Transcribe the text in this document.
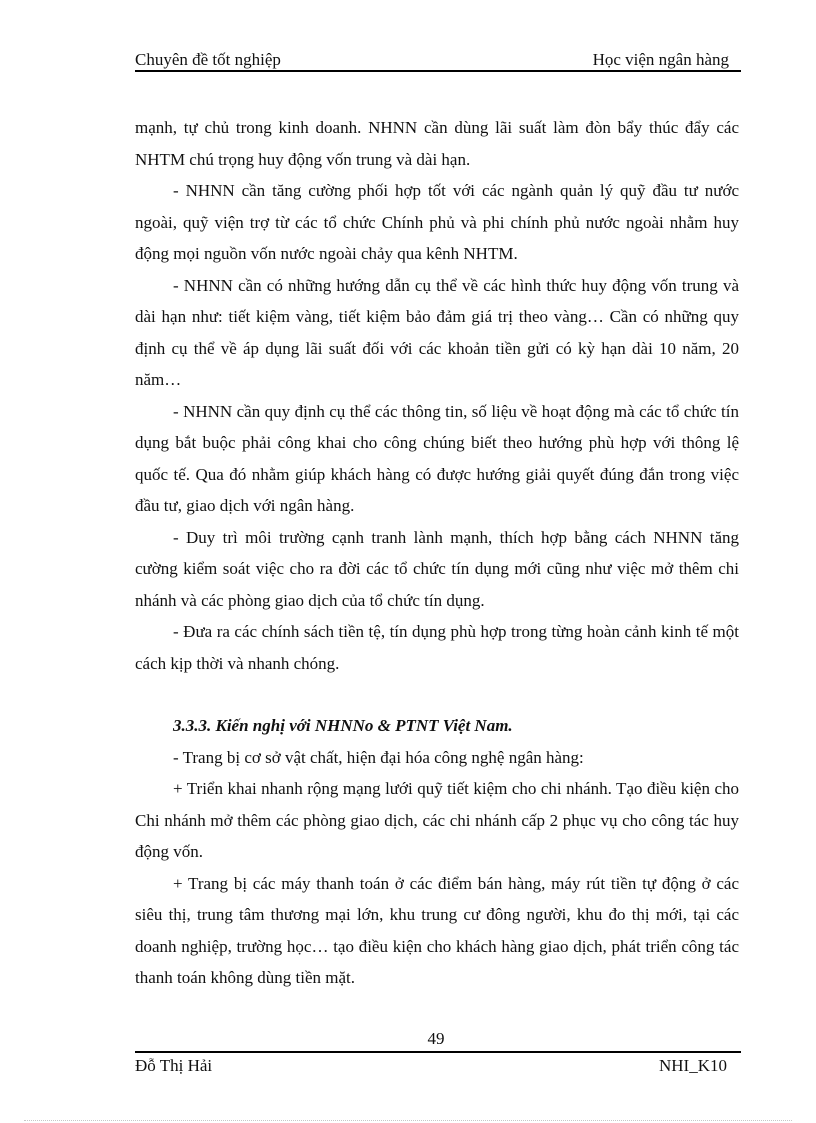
Chuyên đề tốt nghiệp	Học viện ngân hàng

mạnh, tự chủ trong kinh doanh. NHNN cần dùng lãi suất làm đòn bẩy thúc đẩy các NHTM chú trọng huy động vốn trung và dài hạn.

- NHNN cần tăng cường phối hợp tốt với các ngành quản lý quỹ đầu tư nước ngoài, quỹ viện trợ từ các tổ chức Chính phủ và phi chính phủ nước ngoài nhằm huy động mọi nguồn vốn nước ngoài chảy qua kênh NHTM.

- NHNN cần có những hướng dẫn cụ thể về các hình thức huy động vốn trung và dài hạn như: tiết kiệm vàng, tiết kiệm bảo đảm giá trị theo vàng… Cần có những quy định cụ thể về áp dụng lãi suất đối với các khoản tiền gửi có kỳ hạn dài 10 năm, 20 năm…

- NHNN cần quy định cụ thể các thông tin, số liệu về hoạt động mà các tổ chức tín dụng bắt buộc phải công khai cho công chúng biết theo hướng phù hợp với thông lệ quốc tế. Qua đó nhằm giúp khách hàng có được hướng giải quyết đúng đắn trong việc đầu tư, giao dịch với ngân hàng.

- Duy trì môi trường cạnh tranh lành mạnh, thích hợp bằng cách NHNN tăng cường kiểm soát việc cho ra đời các tổ chức tín dụng mới cũng như việc mở thêm chi nhánh và các phòng giao dịch của tổ chức tín dụng.

- Đưa ra các chính sách tiền tệ, tín dụng phù hợp trong từng hoàn cảnh kinh tế một cách kịp thời và nhanh chóng.

3.3.3. Kiến nghị với NHNNo & PTNT Việt Nam.

- Trang bị cơ sở vật chất, hiện đại hóa công nghệ ngân hàng:

+ Triển khai nhanh rộng mạng lưới quỹ tiết kiệm cho chi nhánh. Tạo điều kiện cho Chi nhánh mở thêm các phòng giao dịch, các chi nhánh cấp 2 phục vụ cho công tác huy động vốn.

+ Trang bị các máy thanh toán ở các điểm bán hàng, máy rút tiền tự động ở các siêu thị, trung tâm thương mại lớn, khu trung cư đông người, khu đo thị mới, tại các doanh nghiệp, trường học… tạo điều kiện cho khách hàng giao dịch, phát triển công tác thanh toán không dùng tiền mặt.

49
Đỗ Thị Hải	NHI_K10
